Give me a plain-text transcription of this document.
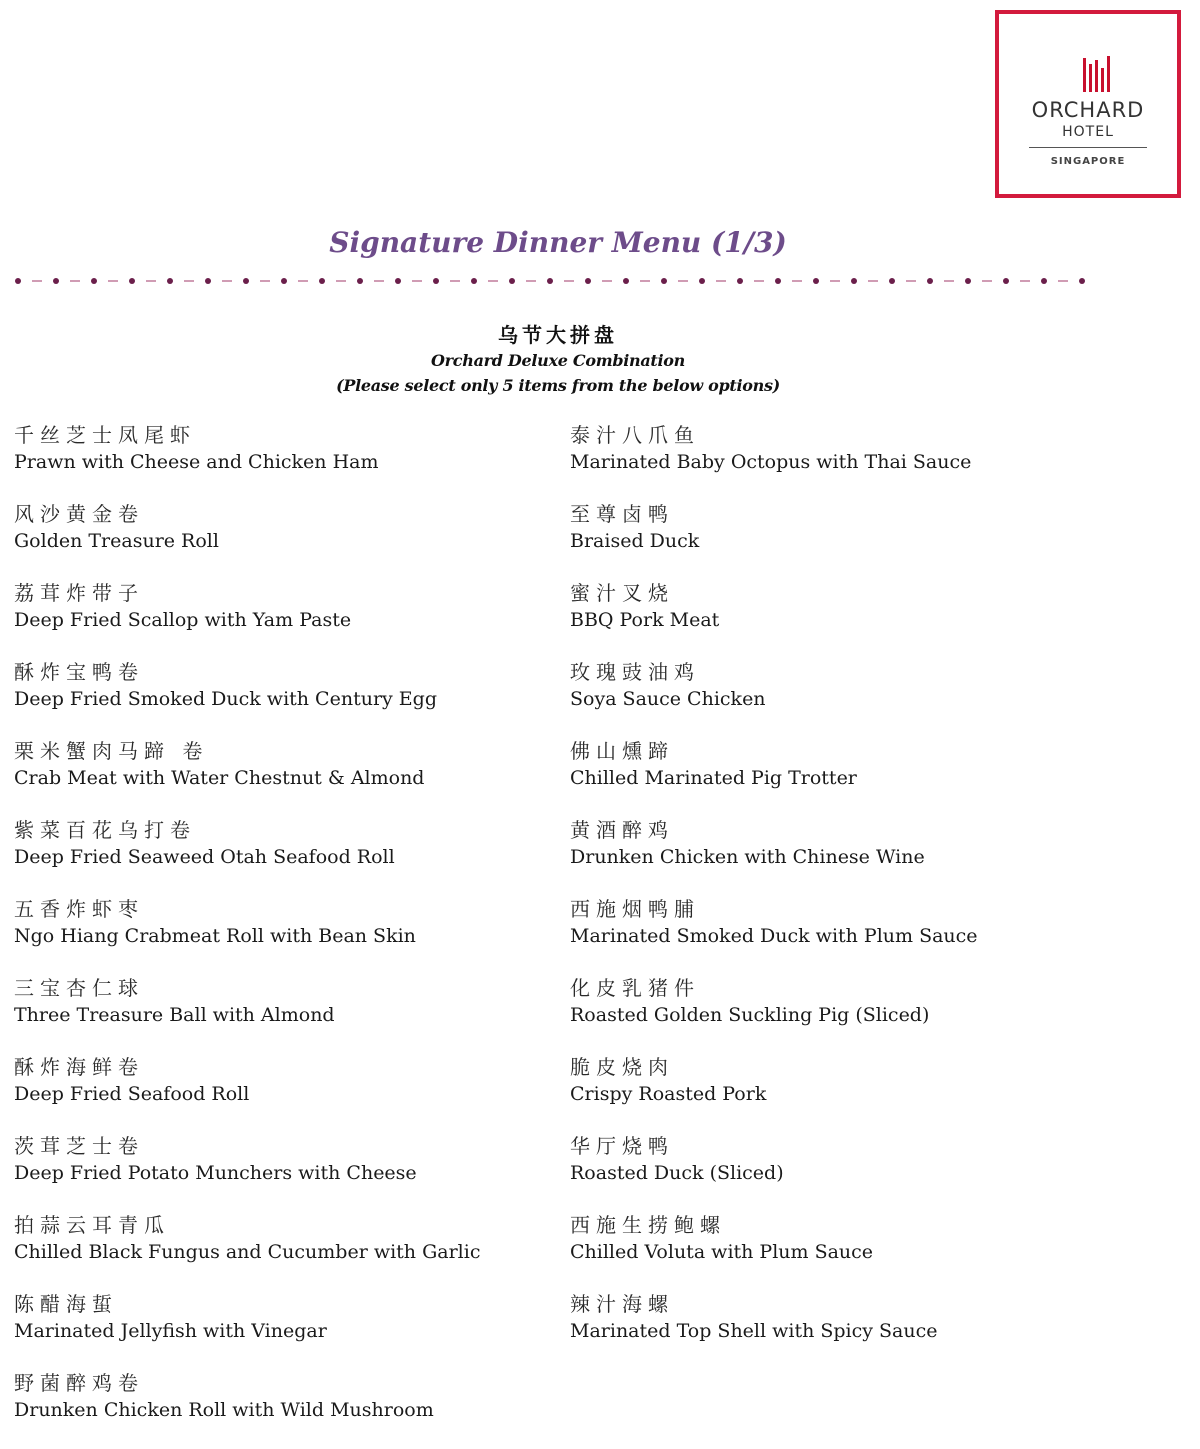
ORCHARD
HOTEL
SINGAPORE
Signature Dinner Menu (1/3)
乌节大拼盘
Orchard Deluxe Combination
(Please select only 5 items from the below options)
千丝芝士凤尾虾
Prawn with Cheese and Chicken Ham
风沙黄金卷
Golden Treasure Roll
荔茸炸带子
Deep Fried Scallop with Yam Paste
酥炸宝鸭卷
Deep Fried Smoked Duck with Century Egg
栗米蟹肉马蹄 卷
Crab Meat with Water Chestnut & Almond
紫菜百花乌打卷
Deep Fried Seaweed Otah Seafood Roll
五香炸虾枣
Ngo Hiang Crabmeat Roll with Bean Skin
三宝杏仁球
Three Treasure Ball with Almond
酥炸海鲜卷
Deep Fried Seafood Roll
茨茸芝士卷
Deep Fried Potato Munchers with Cheese
拍蒜云耳青瓜
Chilled Black Fungus and Cucumber with Garlic
陈醋海蜇
Marinated Jellyfish with Vinegar
野菌醉鸡卷
Drunken Chicken Roll with Wild Mushroom
泰汁八爪鱼
Marinated Baby Octopus with Thai Sauce
至尊卤鸭
Braised Duck
蜜汁叉烧
BBQ Pork Meat
玫瑰豉油鸡
Soya Sauce Chicken
佛山燻蹄
Chilled Marinated Pig Trotter
黄酒醉鸡
Drunken Chicken with Chinese Wine
西施烟鸭脯
Marinated Smoked Duck with Plum Sauce
化皮乳猪件
Roasted Golden Suckling Pig (Sliced)
脆皮烧肉
Crispy Roasted Pork
华厅烧鸭
Roasted Duck (Sliced)
西施生捞鲍螺
Chilled Voluta with Plum Sauce
辣汁海螺
Marinated Top Shell with Spicy Sauce
